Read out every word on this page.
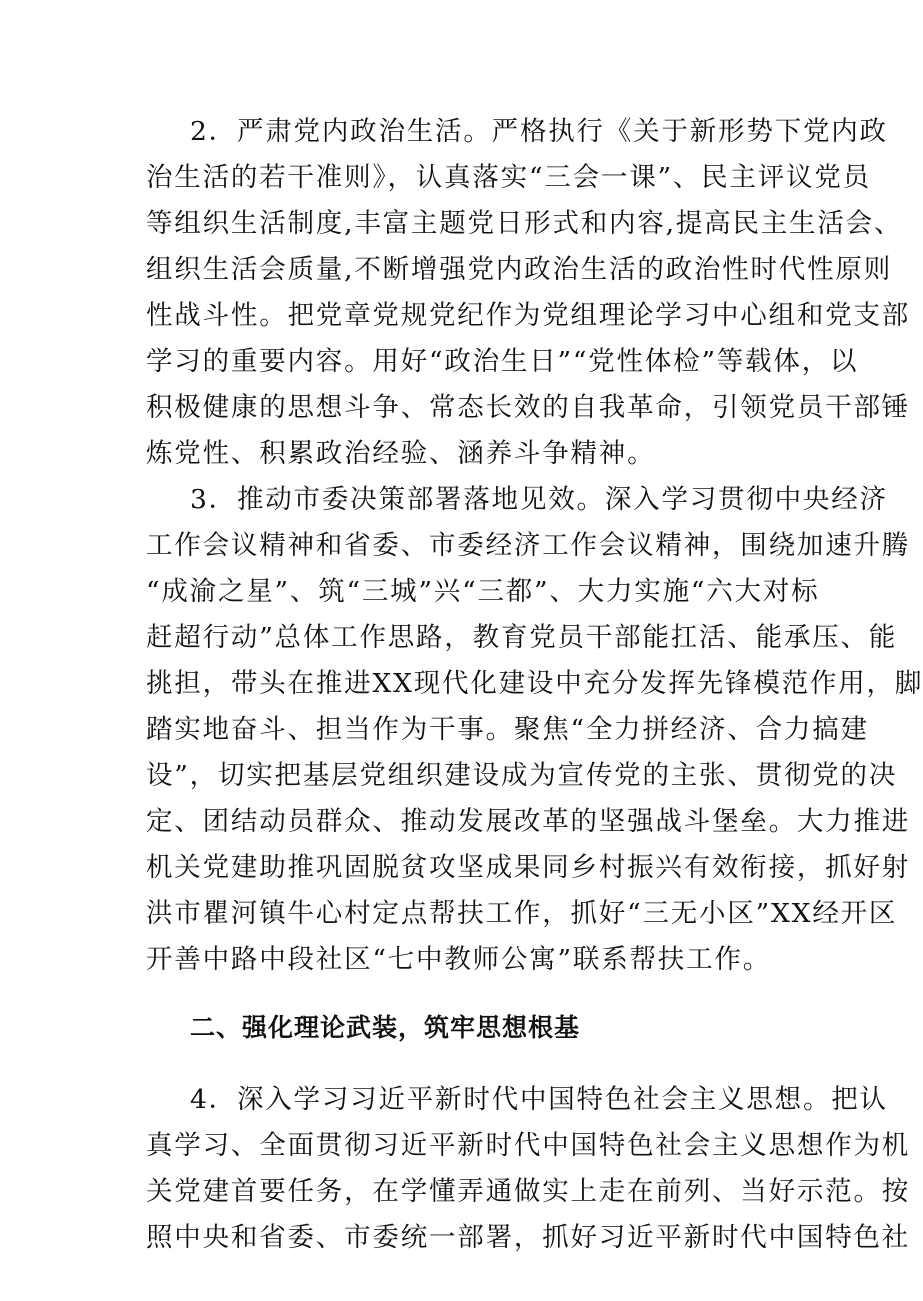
2．严肃党内政治生活。严格执行《关于新形势下党内政
治生活的若干准则》，认真落实“三会一课”、民主评议党员
等组织生活制度,丰富主题党日形式和内容,提高民主生活会、
组织生活会质量,不断增强党内政治生活的政治性时代性原则
性战斗性。把党章党规党纪作为党组理论学习中心组和党支部
学习的重要内容。用好“政治生日”“党性体检”等载体，以
积极健康的思想斗争、常态长效的自我革命，引领党员干部锤
炼党性、积累政治经验、涵养斗争精神。
3．推动市委决策部署落地见效。深入学习贯彻中央经济
工作会议精神和省委、市委经济工作会议精神，围绕加速升腾
“成渝之星”、筑“三城”兴“三都”、大力实施“六大对标
赶超行动”总体工作思路，教育党员干部能扛活、能承压、能
挑担，带头在推进XX现代化建设中充分发挥先锋模范作用，脚
踏实地奋斗、担当作为干事。聚焦“全力拼经济、合力搞建
设”，切实把基层党组织建设成为宣传党的主张、贯彻党的决
定、团结动员群众、推动发展改革的坚强战斗堡垒。大力推进
机关党建助推巩固脱贫攻坚成果同乡村振兴有效衔接，抓好射
洪市瞿河镇牛心村定点帮扶工作，抓好“三无小区”XX经开区
开善中路中段社区“七中教师公寓”联系帮扶工作。
二、强化理论武装，筑牢思想根基
4．深入学习习近平新时代中国特色社会主义思想。把认
真学习、全面贯彻习近平新时代中国特色社会主义思想作为机
关党建首要任务，在学懂弄通做实上走在前列、当好示范。按
照中央和省委、市委统一部署，抓好习近平新时代中国特色社
